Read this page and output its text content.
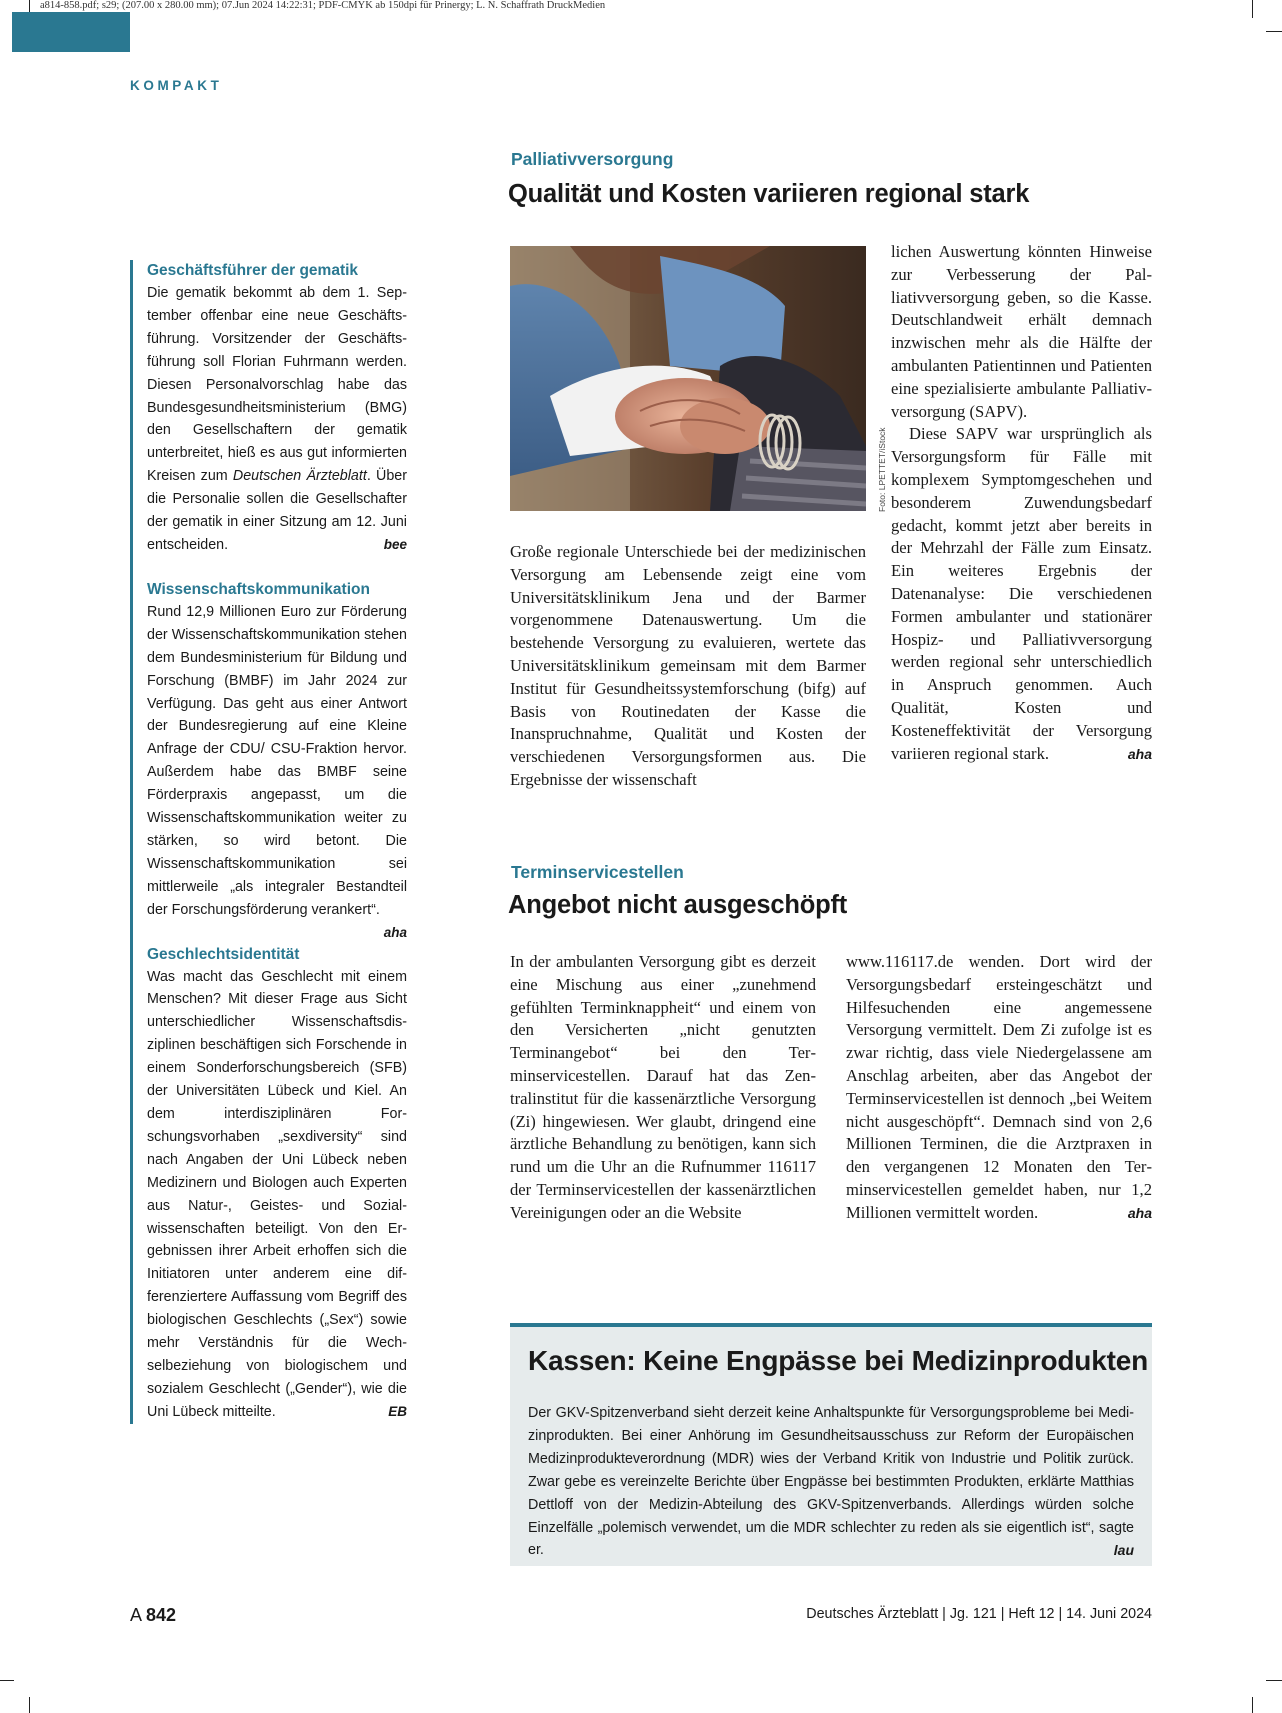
a814-858.pdf; s29; (207.00 x 280.00 mm); 07.Jun 2024 14:22:31; PDF-CMYK ab 150dpi für Prinergy; L. N. Schaffrath DruckMedien
KOMPAKT

Geschäftsführer der gematik

Die gematik bekommt ab dem 1. September offenbar eine neue Geschäftsführung. Vorsitzender der Geschäftsführung soll Florian Fuhrmann werden. Diesen Personalvorschlag habe das Bundesgesundheitsministerium (BMG) den Gesellschaftern der gematik unterbreitet, hieß es aus gut informierten Kreisen zum Deutschen Ärzteblatt. Über die Personalie sollen die Gesellschafter der gematik in einer Sitzung am 12. Juni entscheiden.	bee

Wissenschaftskommunikation

Rund 12,9 Millionen Euro zur Förderung der Wissenschaftskommunikation stehen dem Bundesministerium für Bildung und Forschung (BMBF) im Jahr 2024 zur Verfügung. Das geht aus einer Antwort der Bundesregierung auf eine Kleine Anfrage der CDU/ CSU-Fraktion hervor. Außerdem habe das BMBF seine Förderpraxis angepasst, um die Wissenschaftskommunikation weiter zu stärken, so wird betont. Die Wissenschaftskommunikation sei mittlerweile „als integraler Bestandteil der Forschungsförderung verankert“.
aha

Geschlechtsidentität

Was macht das Geschlecht mit einem Menschen? Mit dieser Frage aus Sicht unterschiedlicher Wissenschaftsdisziplinen beschäftigen sich Forschende in einem Sonderforschungsbereich (SFB) der Universitäten Lübeck und Kiel. An dem interdisziplinären Forschungsvorhaben „sexdiversity“ sind nach Angaben der Uni Lübeck neben Medizinern und Biologen auch Experten aus Natur-, Geistes- und Sozialwissenschaften beteiligt. Von den Ergebnissen ihrer Arbeit erhoffen sich die Initiatoren unter anderem eine differenziertere Auffassung vom Begriff des biologischen Geschlechts („Sex“) sowie mehr Verständnis für die Wechselbeziehung von biologischem und sozialem Geschlecht („Gender“), wie die Uni Lübeck mitteilte.	EB

Palliativversorgung
Qualität und Kosten variieren regional stark
Foto: LPETTET/iStock

Große regionale Unterschiede bei der medizinischen Versorgung am Lebensende zeigt eine vom Universitätsklinikum Jena und der Barmer vorgenommene Datenauswertung. Um die bestehende Versorgung zu evaluieren, wertete das Universitätsklinikum gemeinsam mit dem Barmer Institut für Gesundheitssystemforschung (bifg) auf Basis von Routinedaten der Kasse die Inanspruchnahme, Qualität und Kosten der verschiedenen Versorgungsformen aus. Die Ergebnisse der wissenschaft

lichen Auswertung könnten Hinweise zur Verbesserung der Palliativversorgung geben, so die Kasse. Deutschlandweit erhält demnach inzwischen mehr als die Hälfte der ambulanten Patientinnen und Patienten eine spezialisierte ambulante Palliativversorgung (SAPV).

Diese SAPV war ursprünglich als Versorgungsform für Fälle mit komplexem Symptomgeschehen und besonderem Zuwendungsbedarf gedacht, kommt jetzt aber bereits in der Mehrzahl der Fälle zum Einsatz. Ein weiteres Ergebnis der Datenanalyse: Die verschiedenen Formen ambulanter und stationärer Hospiz- und Palliativversorgung werden regional sehr unterschiedlich in Anspruch genommen. Auch Qualität, Kosten und Kosteneffektivität der Versorgung variieren regional stark.	aha

Terminservicestellen
Angebot nicht ausgeschöpft

In der ambulanten Versorgung gibt es derzeit eine Mischung aus einer „zunehmend gefühlten Terminknappheit“ und einem von den Versicherten „nicht genutzten Terminangebot“ bei den Terminservicestellen. Darauf hat das Zentralinstitut für die kassenärztliche Versorgung (Zi) hingewiesen. Wer glaubt, dringend eine ärztliche Behandlung zu benötigen, kann sich rund um die Uhr an die Rufnummer 116117 der Terminservicestellen der kassenärztlichen Vereinigungen oder an die Website

www.116117.de wenden. Dort wird der Versorgungsbedarf ersteingeschätzt und Hilfesuchenden eine angemessene Versorgung vermittelt. Dem Zi zufolge ist es zwar richtig, dass viele Niedergelassene am Anschlag arbeiten, aber das Angebot der Terminservicestellen ist dennoch „bei Weitem nicht ausgeschöpft“. Demnach sind von 2,6 Millionen Terminen, die die Arztpraxen in den vergangenen 12 Monaten den Terminservicestellen gemeldet haben, nur 1,2 Millionen vermittelt worden.	aha

Kassen: Keine Engpässe bei Medizinprodukten
Der GKV-Spitzenverband sieht derzeit keine Anhaltspunkte für Versorgungsprobleme bei Medizinprodukten. Bei einer Anhörung im Gesundheitsausschuss zur Reform der Europäischen Medizinprodukteverordnung (MDR) wies der Verband Kritik von Industrie und Politik zurück. Zwar gebe es vereinzelte Berichte über Engpässe bei bestimmten Produkten, erklärte Matthias Dettloff von der Medizin-Abteilung des GKV-Spitzenverbands. Allerdings würden solche Einzelfälle „polemisch verwendet, um die MDR schlechter zu reden als sie eigentlich ist“, sagte er.	lau
A 842	Deutsches Ärzteblatt | Jg. 121 | Heft 12 | 14. Juni 2024
